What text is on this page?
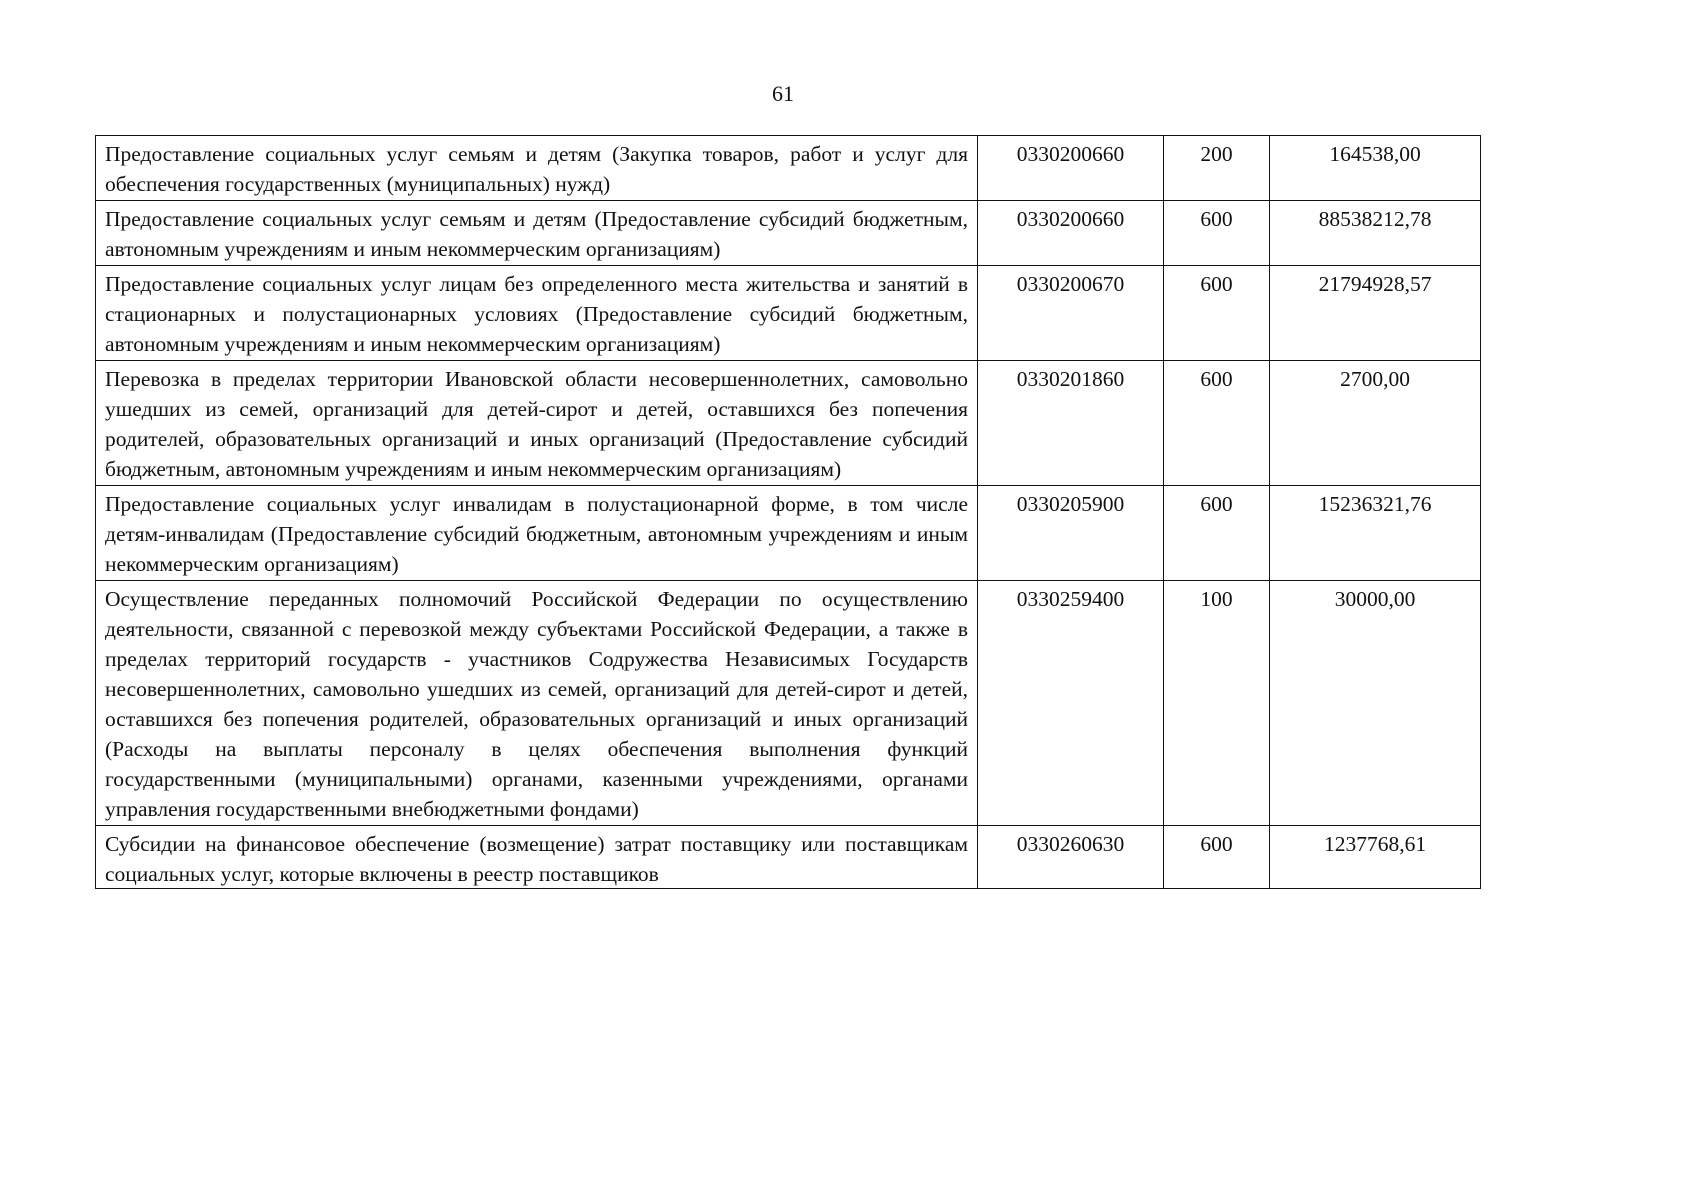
61
Предоставление социальных услуг семьям и детям (Закупка товаров, работ и услуг для обеспечения государственных (муниципальных) нужд)	0330200660	200	164538,00
Предоставление социальных услуг семьям и детям (Предоставление субсидий бюджетным, автономным учреждениям и иным некоммерческим организациям)	0330200660	600	88538212,78
Предоставление социальных услуг лицам без определенного места жительства и занятий в стационарных и полустационарных условиях (Предоставление субсидий бюджетным, автономным учреждениям и иным некоммерческим организациям)	0330200670	600	21794928,57
Перевозка в пределах территории Ивановской области несовершеннолетних, самовольно ушедших из семей, организаций для детей-сирот и детей, оставшихся без попечения родителей, образовательных организаций и иных организаций (Предоставление субсидий бюджетным, автономным учреждениям и иным некоммерческим организациям)	0330201860	600	2700,00
Предоставление социальных услуг инвалидам в полустационарной форме, в том числе детям-инвалидам (Предоставление субсидий бюджетным, автономным учреждениям и иным некоммерческим организациям)	0330205900	600	15236321,76
Осуществление переданных полномочий Российской Федерации по осуществлению деятельности, связанной с перевозкой между субъектами Российской Федерации, а также в пределах территорий государств - участников Содружества Независимых Государств несовершеннолетних, самовольно ушедших из семей, организаций для детей-сирот и детей, оставшихся без попечения родителей, образовательных организаций и иных организаций (Расходы на выплаты персоналу в целях обеспечения выполнения функций государственными (муниципальными) органами, казенными учреждениями, органами управления государственными внебюджетными фондами)	0330259400	100	30000,00

Субсидии на финансовое обеспечение (возмещение) затрат поставщику или поставщикам социальных услуг, которые включены в реестр поставщиков	0330260630	600	1237768,61
